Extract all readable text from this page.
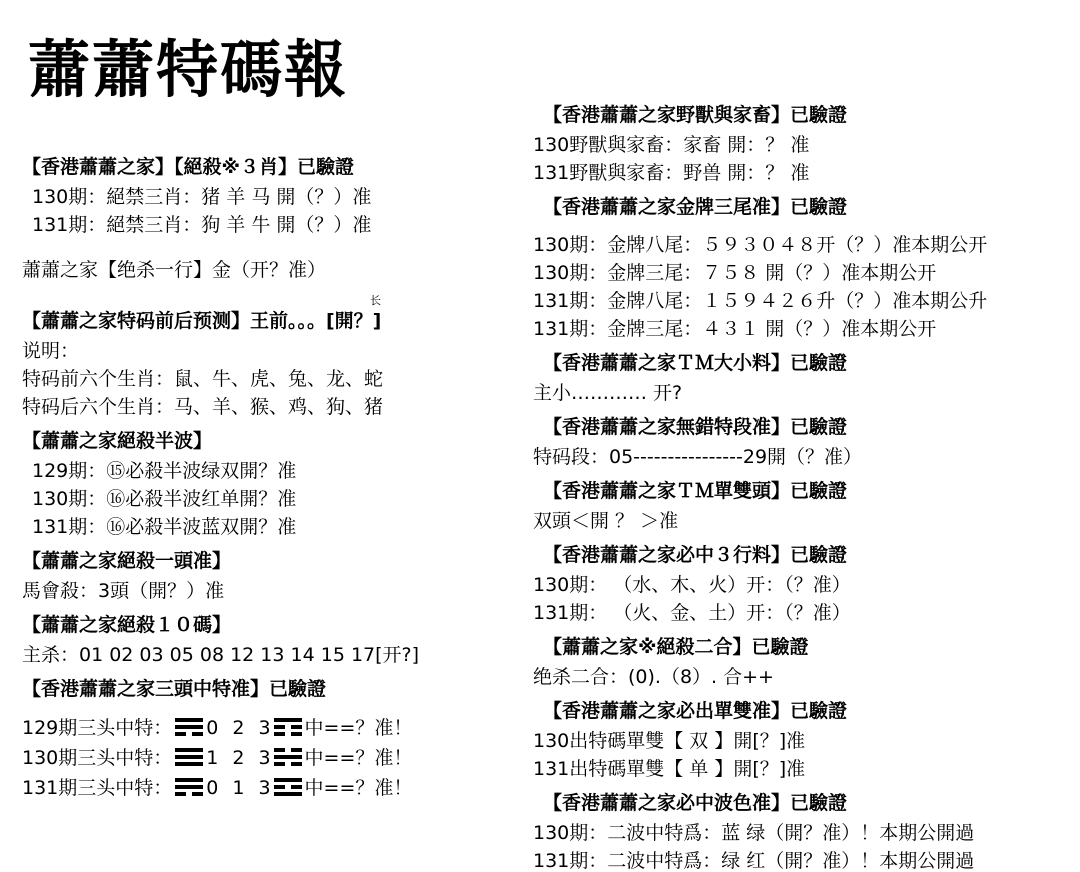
蕭蕭特碼報
【香港蕭蕭之家】【絕殺※３肖】已驗證
130期：絕禁三肖：猪 羊 马 開（？）准
131期：絕禁三肖：狗 羊 牛 開（？）准
蕭蕭之家【绝杀一行】金（开？准）
长
【蕭蕭之家特码前后预测】王前。。。[開？]
说明：
特码前六个生肖：鼠、牛、虎、兔、龙、蛇
特码后六个生肖：马、羊、猴、鸡、狗、猪
【蕭蕭之家絕殺半波】
129期：⑮必殺半波绿双開？准
130期：⑯必殺半波红单開？准
131期：⑯必殺半波蓝双開？准
【蕭蕭之家絕殺一頭准】
馬會殺：3頭（開？）准
【蕭蕭之家絕殺１０碼】
主杀：01 02 03 05 08 12 13 14 15 17[开?]
【香港蕭蕭之家三頭中特准】已驗證
129期三头中特： 0 2 3 中==？准！
130期三头中特： 1 2 3 中==？准！
131期三头中特： 0 1 3 中==？准！
【香港蕭蕭之家野獸與家畜】已驗證
130野獸與家畜：家畜 開：？ 准
131野獸與家畜：野兽 開：？ 准
【香港蕭蕭之家金牌三尾准】已驗證
130期：金牌八尾：５９３０４８开（？）准本期公开
130期：金牌三尾：７５８ 開（？）准本期公开
131期：金牌八尾：１５９４２６升（？）准本期公升
131期：金牌三尾：４３１ 開（？）准本期公开
【香港蕭蕭之家ＴＭ大小料】已驗證
主小………… 开?
【香港蕭蕭之家無錯特段准】已驗證
特码段：05----------------29開（？准）
【香港蕭蕭之家ＴＭ單雙頭】已驗證
双頭＜開 ？ ＞准
【香港蕭蕭之家必中３行料】已驗證
130期： （水、木、火）开：（？准）
131期： （火、金、土）开：（？准）
【蕭蕭之家※絕殺二合】已驗證
绝杀二合：(0).（8）. 合++
【香港蕭蕭之家必出單雙准】已驗證
130出特碼單雙【 双 】開[？]准
131出特碼單雙【 单 】開[？]准
【香港蕭蕭之家必中波色准】已驗證
130期：二波中特爲：蓝 绿（開？准）！本期公開過
131期：二波中特爲：绿 红（開？准）！本期公開過
